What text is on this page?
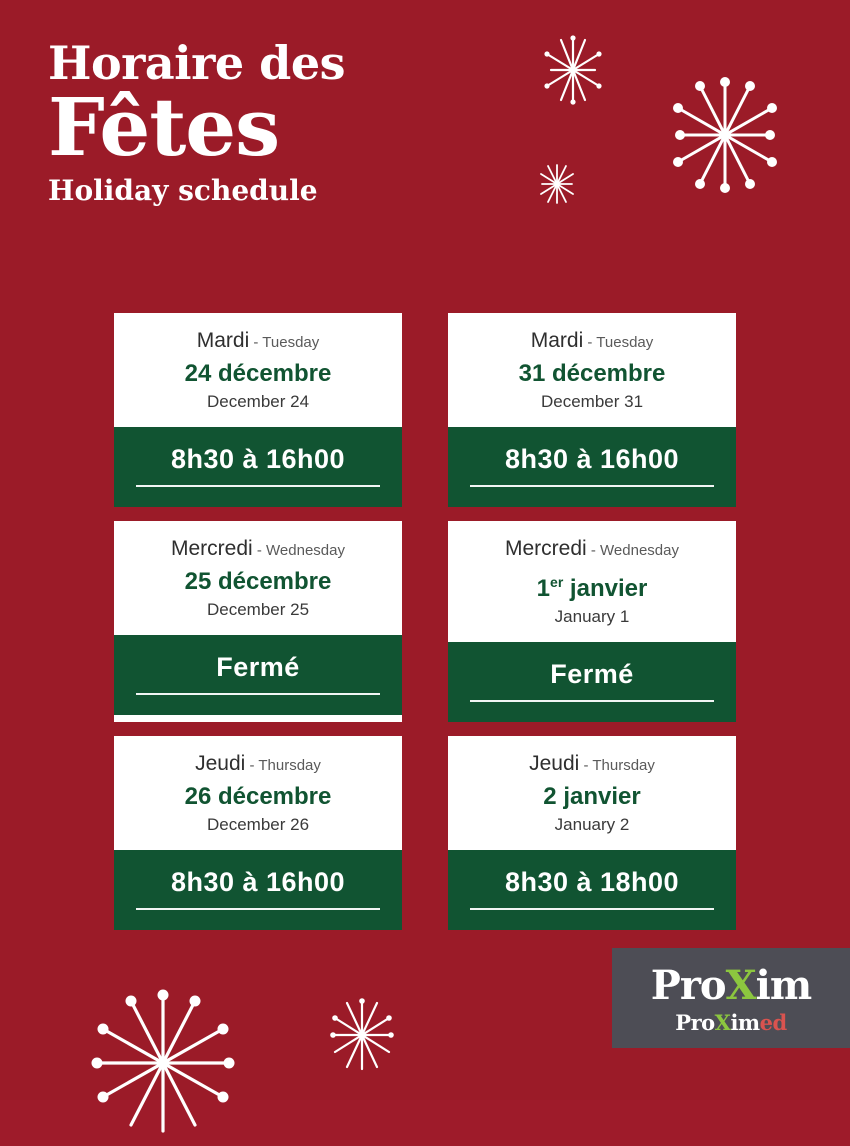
Horaire des
Fêtes
Holiday schedule
Mardi - Tuesday
24 décembre
December 24
8h30 à 16h00
Mardi - Tuesday
31 décembre
December 31
8h30 à 16h00
Mercredi - Wednesday
25 décembre
December 25
Fermé
Mercredi - Wednesday
1er janvier
January 1
Fermé
Jeudi - Thursday
26 décembre
December 26
8h30 à 16h00
Jeudi - Thursday
2 janvier
January 2
8h30 à 18h00
ProXim
ProXimed
